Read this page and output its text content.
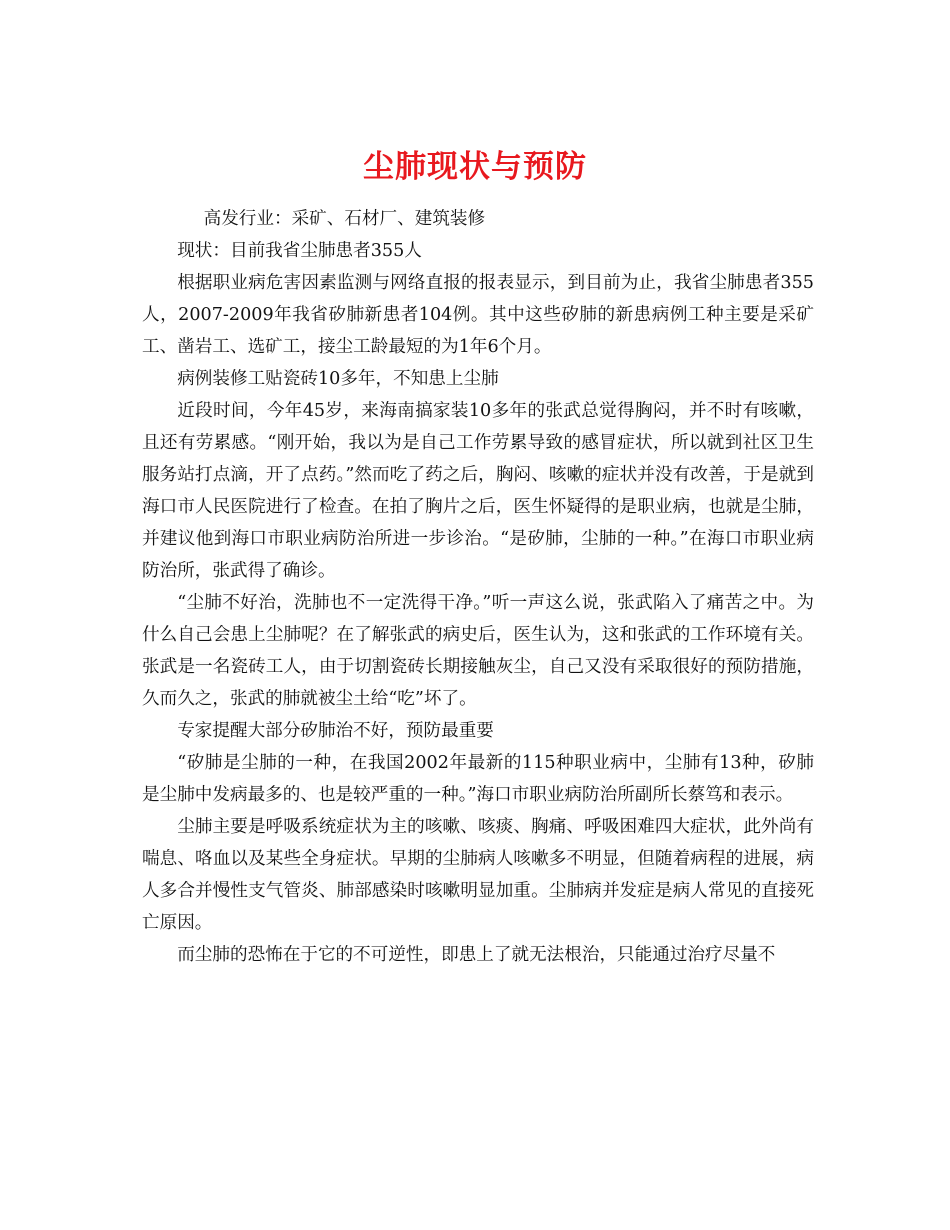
尘肺现状与预防

高发行业：采矿、石材厂、建筑装修

现状：目前我省尘肺患者355人

根据职业病危害因素监测与网络直报的报表显示，到目前为止，我省尘肺患者355人，2007-2009年我省矽肺新患者104例。其中这些矽肺的新患病例工种主要是采矿工、凿岩工、选矿工，接尘工龄最短的为1年6个月。

病例装修工贴瓷砖10多年，不知患上尘肺

近段时间，今年45岁，来海南搞家装10多年的张武总觉得胸闷，并不时有咳嗽，且还有劳累感。“刚开始，我以为是自己工作劳累导致的感冒症状，所以就到社区卫生服务站打点滴，开了点药。”然而吃了药之后，胸闷、咳嗽的症状并没有改善，于是就到海口市人民医院进行了检查。在拍了胸片之后，医生怀疑得的是职业病，也就是尘肺，并建议他到海口市职业病防治所进一步诊治。“是矽肺，尘肺的一种。”在海口市职业病防治所，张武得了确诊。

“尘肺不好治，洗肺也不一定洗得干净。”听一声这么说，张武陷入了痛苦之中。为什么自己会患上尘肺呢？在了解张武的病史后，医生认为，这和张武的工作环境有关。张武是一名瓷砖工人，由于切割瓷砖长期接触灰尘，自己又没有采取很好的预防措施，久而久之，张武的肺就被尘土给“吃”坏了。

专家提醒大部分矽肺治不好，预防最重要

“矽肺是尘肺的一种，在我国2002年最新的115种职业病中，尘肺有13种，矽肺是尘肺中发病最多的、也是较严重的一种。”海口市职业病防治所副所长蔡笃和表示。

尘肺主要是呼吸系统症状为主的咳嗽、咳痰、胸痛、呼吸困难四大症状，此外尚有喘息、咯血以及某些全身症状。早期的尘肺病人咳嗽多不明显，但随着病程的进展，病人多合并慢性支气管炎、肺部感染时咳嗽明显加重。尘肺病并发症是病人常见的直接死亡原因。

而尘肺的恐怖在于它的不可逆性，即患上了就无法根治，只能通过治疗尽量不
